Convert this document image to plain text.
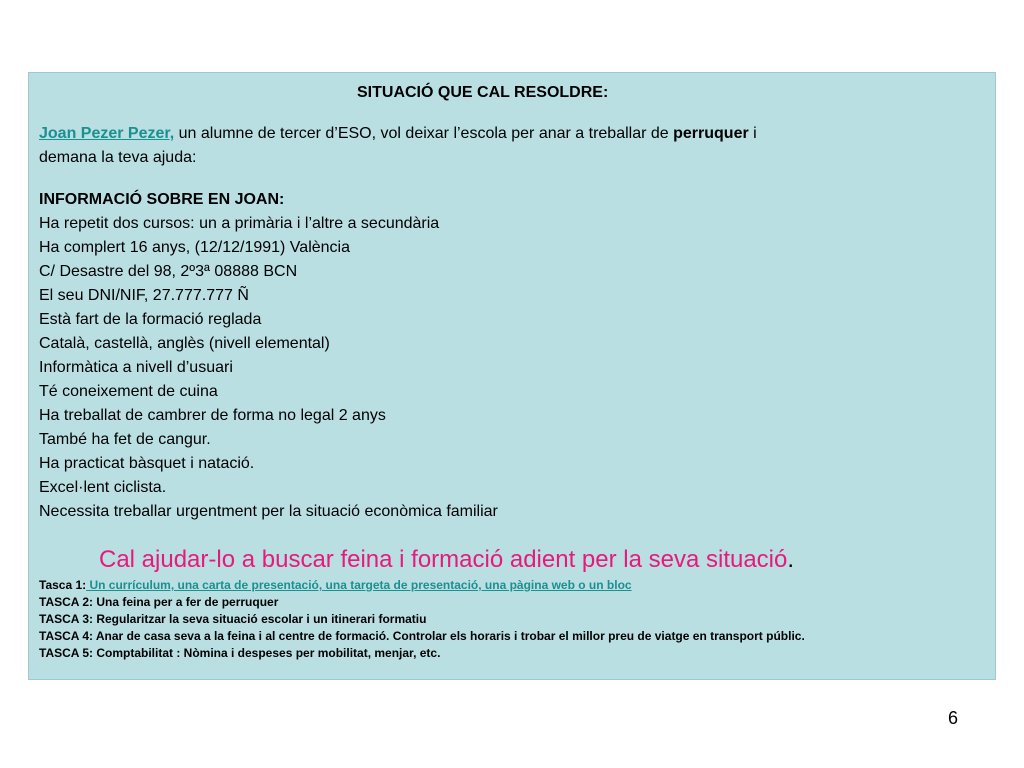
SITUACIÓ QUE CAL RESOLDRE:
Joan Pezer Pezer, un alumne de tercer d’ESO, vol deixar l’escola per anar a treballar de perruquer i
demana la teva ajuda:
INFORMACIÓ SOBRE EN JOAN:
Ha repetit dos cursos: un a primària i l’altre a secundària
Ha complert 16 anys, (12/12/1991) València
C/ Desastre del 98, 2º3ª 08888 BCN
El seu DNI/NIF, 27.777.777 Ñ
Està fart de la formació reglada
Català, castellà, anglès (nivell elemental)
Informàtica a nivell d’usuari
Té coneixement de cuina
Ha treballat de cambrer de forma no legal 2 anys
També ha fet de cangur.
Ha practicat bàsquet i natació.
Excel·lent ciclista.
Necessita treballar urgentment per la situació econòmica familiar
Cal ajudar-lo a buscar feina i formació adient per la seva situació.
Tasca 1: Un currículum, una carta de presentació, una targeta de presentació, una pàgina web o un bloc
TASCA 2: Una feina per a fer de perruquer
TASCA 3: Regularitzar la seva situació escolar i un itinerari formatiu
TASCA 4: Anar de casa seva a la feina i al centre de formació. Controlar els horaris i trobar el millor preu de viatge en transport públic.
TASCA 5: Comptabilitat : Nòmina i despeses per mobilitat, menjar, etc.
6
